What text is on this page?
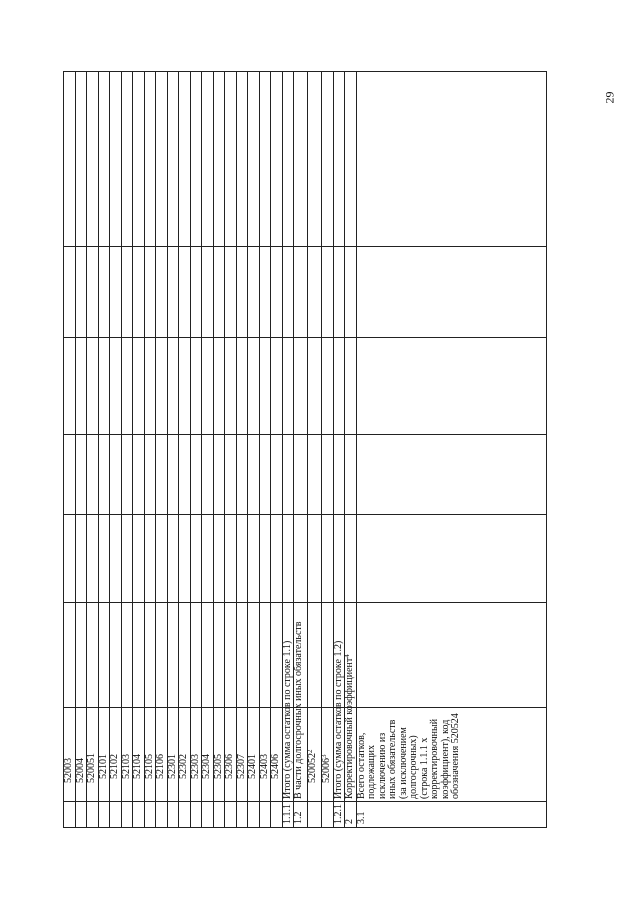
29
	52003						
	52004						
	520051						
	52101						
	52102						
	52103						
	52104						
	52105						
	52106						
	52301						
	52302						
	52303						
	52304						
	52305						
	52306						
	52307						
	52401						
	52403						
	52406						
1.1.1	Итого (сумма остатков по строке 1.1)						
1.2	В части долгосрочных иных обязательств						
	520052$^2$						
	52006$^3$						
1.2.1	Итого (сумма остатков по строке 1.2)						
2	Корректировочный коэффициент$^4$						
3.1	Всего остатков, подлежащих исключению из иных обязательств (за исключением долгосрочных) (строка 1.1.1 х корректировочный коэффициент), код обозначения 520524						
